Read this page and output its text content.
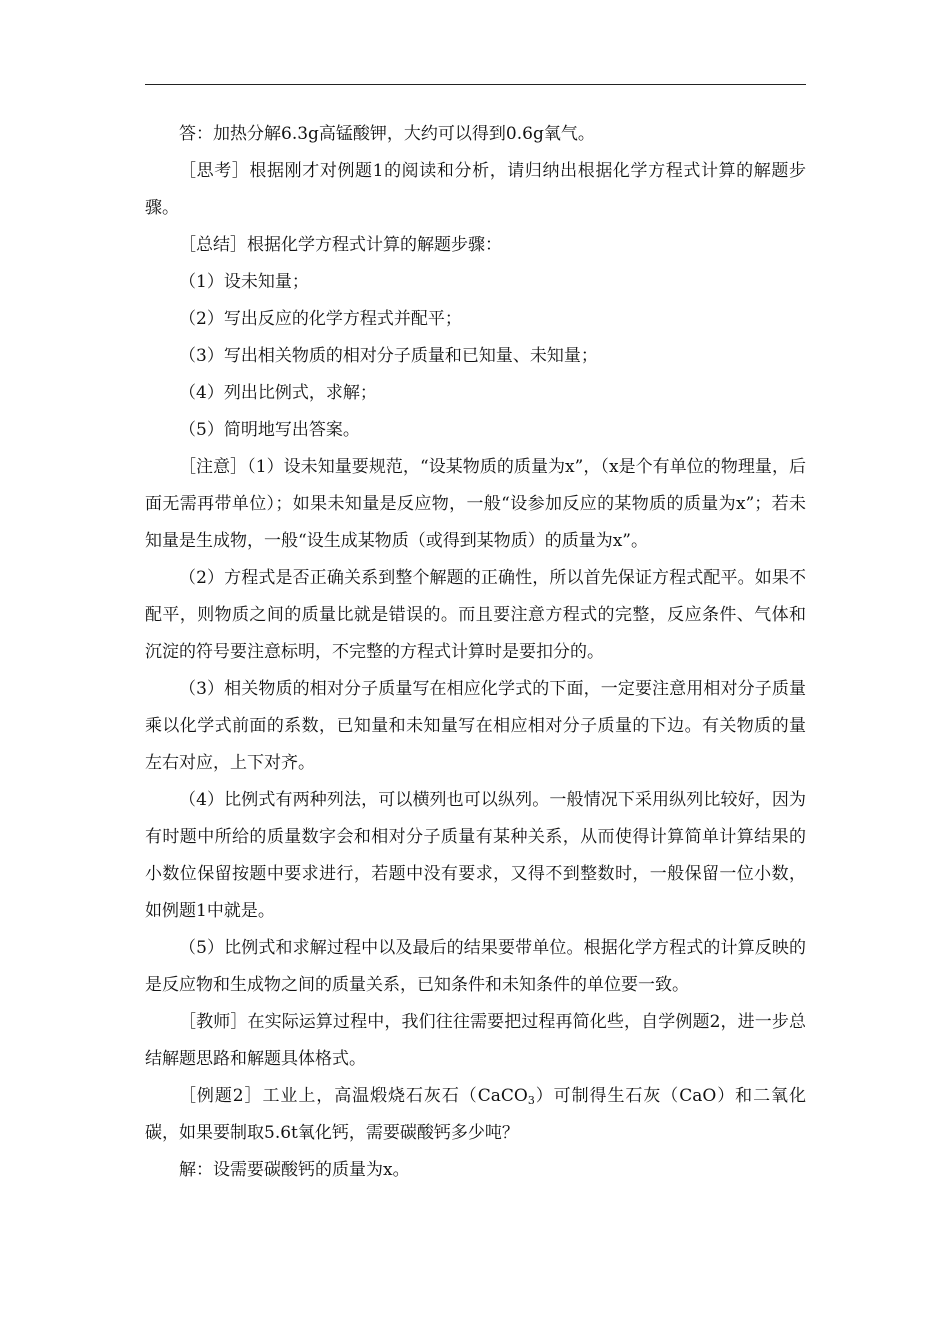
答：加热分解6.3g高锰酸钾，大约可以得到0.6g氧气。

［思考］根据刚才对例题1的阅读和分析，请归纳出根据化学方程式计算的解题步骤。

［总结］根据化学方程式计算的解题步骤：

（1）设未知量；

（2）写出反应的化学方程式并配平；

（3）写出相关物质的相对分子质量和已知量、未知量；

（4）列出比例式，求解；

（5）简明地写出答案。

［注意］（1）设未知量要规范，“设某物质的质量为x”，（x是个有单位的物理量，后面无需再带单位）；如果未知量是反应物，一般“设参加反应的某物质的质量为x”；若未知量是生成物，一般“设生成某物质（或得到某物质）的质量为x”。

（2）方程式是否正确关系到整个解题的正确性，所以首先保证方程式配平。如果不配平，则物质之间的质量比就是错误的。而且要注意方程式的完整，反应条件、气体和沉淀的符号要注意标明，不完整的方程式计算时是要扣分的。

（3）相关物质的相对分子质量写在相应化学式的下面，一定要注意用相对分子质量乘以化学式前面的系数，已知量和未知量写在相应相对分子质量的下边。有关物质的量左右对应，上下对齐。

（4）比例式有两种列法，可以横列也可以纵列。一般情况下采用纵列比较好，因为有时题中所给的质量数字会和相对分子质量有某种关系，从而使得计算简单计算结果的小数位保留按题中要求进行，若题中没有要求，又得不到整数时，一般保留一位小数，如例题1中就是。

（5）比例式和求解过程中以及最后的结果要带单位。根据化学方程式的计算反映的是反应物和生成物之间的质量关系，已知条件和未知条件的单位要一致。

［教师］在实际运算过程中，我们往往需要把过程再简化些，自学例题2，进一步总结解题思路和解题具体格式。

［例题2］工业上，高温煅烧石灰石（CaCO$_3$）可制得生石灰（CaO）和二氧化碳，如果要制取5.6t氧化钙，需要碳酸钙多少吨？

解：设需要碳酸钙的质量为x。
